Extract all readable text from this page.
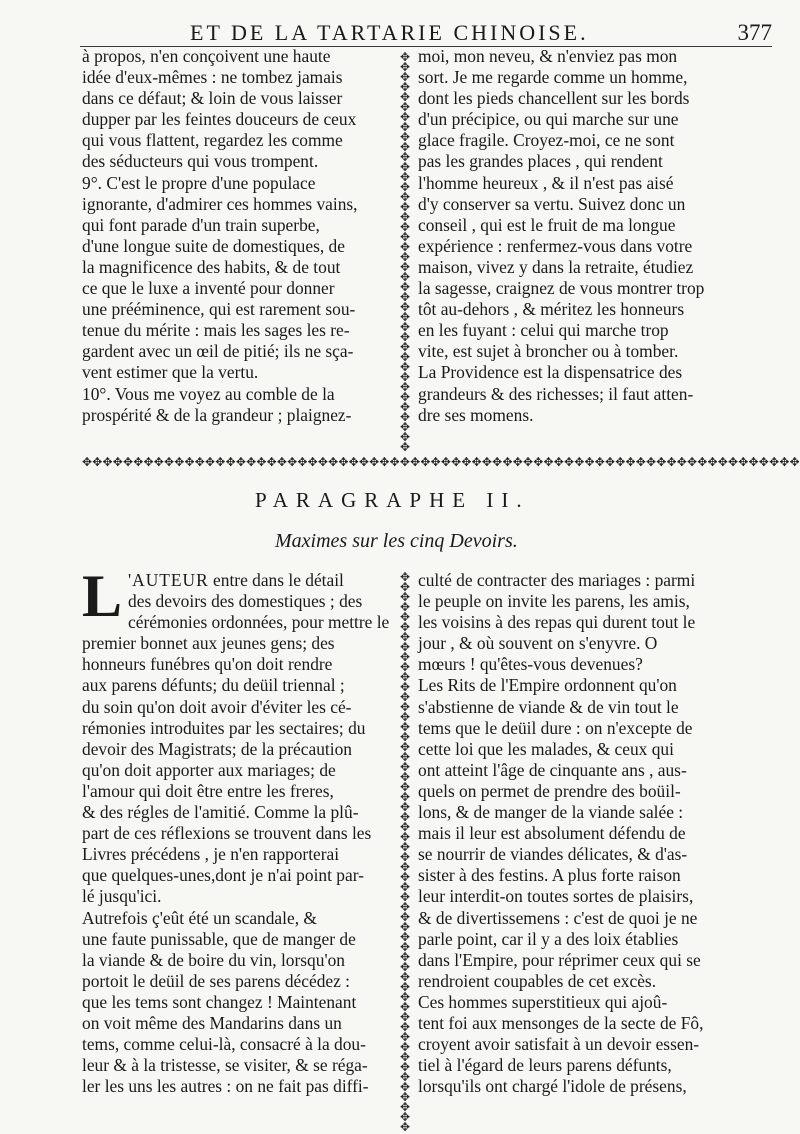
ET DE LA TARTARIE CHINOISE.	377
à propos, n'en conçoivent une haute
idée d'eux-mêmes : ne tombez jamais
dans ce défaut; & loin de vous laisser
dupper par les feintes douceurs de ceux
qui vous flattent, regardez les comme
des séducteurs qui vous trompent.
9°. C'est le propre d'une populace
ignorante, d'admirer ces hommes vains,
qui font parade d'un train superbe,
d'une longue suite de domestiques, de
la magnificence des habits, & de tout
ce que le luxe a inventé pour donner
une prééminence, qui est rarement sou-
tenue du mérite : mais les sages les re-
gardent avec un œil de pitié; ils ne sça-
vent estimer que la vertu.
10°. Vous me voyez au comble de la
prospérité & de la grandeur ; plaignez-
✥
✥
✥
✥
✥
✥
✥
✥
✥
✥
✥
✥
✥
✥
✥
✥
✥
✥
✥
✥
✥
✥
✥
✥
✥
✥
✥
✥
✥
✥
✥
✥
✥
✥
✥
✥
✥
✥
✥
✥

moi, mon neveu, & n'enviez pas mon
sort. Je me regarde comme un homme,
dont les pieds chancellent sur les bords
d'un précipice, ou qui marche sur une
glace fragile. Croyez-moi, ce ne sont
pas les grandes places , qui rendent
l'homme heureux , & il n'est pas aisé
d'y conserver sa vertu. Suivez donc un
conseil , qui est le fruit de ma longue
expérience : renfermez-vous dans votre
maison, vivez y dans la retraite, étudiez
la sagesse, craignez de vous montrer trop
tôt au-dehors , & méritez les honneurs
en les fuyant : celui qui marche trop
vite, est sujet à broncher ou à tomber.
La Providence est la dispensatrice des
grandeurs & des richesses; il faut atten-
dre ses momens.
✥✥✥✥✥✥✥✥✥✥✥✥✥✥✥✥✥✥✥✥✥✥✥✥✥✥✥✥✥✥✥✥✥✥✥✥✥✥✥✥✥✥✥✥✥✥✥✥✥✥✥✥✥✥✥✥✥✥✥✥✥✥✥✥✥✥✥✥✥✥
PARAGRAPHE II.
Maximes sur les cinq Devoirs.
L 'AUTEUR entre dans le détail
des devoirs des domestiques ; des
cérémonies ordonnées, pour mettre le
premier bonnet aux jeunes gens; des
honneurs funébres qu'on doit rendre
aux parens défunts; du deüil triennal ;
du soin qu'on doit avoir d'éviter les cé-
rémonies introduites par les sectaires; du
devoir des Magistrats; de la précaution
qu'on doit apporter aux mariages; de
l'amour qui doit être entre les freres,
& des régles de l'amitié. Comme la plû-
part de ces réflexions se trouvent dans les
Livres précédens , je n'en rapporterai
que quelques-unes,dont je n'ai point par-
lé jusqu'ici.
Autrefois ç'eût été un scandale, &
une faute punissable, que de manger de
la viande & de boire du vin, lorsqu'on
portoit le deüil de ses parens décédez :
que les tems sont changez ! Maintenant
on voit même des Mandarins dans un
tems, comme celui-là, consacré à la dou-
leur & à la tristesse, se visiter, & se réga-
ler les uns les autres : on ne fait pas diffi-
✥
✥
✥
✥
✥
✥
✥
✥
✥
✥
✥
✥
✥
✥
✥
✥
✥
✥
✥
✥
✥
✥
✥
✥
✥
✥
✥
✥
✥
✥
✥
✥
✥
✥
✥
✥
✥
✥
✥
✥
✥
✥
✥
✥
✥
✥
✥
✥
✥
✥
✥
✥
✥
✥
✥
✥

culté de contracter des mariages : parmi
le peuple on invite les parens, les amis,
les voisins à des repas qui durent tout le
jour , & où souvent on s'enyvre. O
mœurs ! qu'êtes-vous devenues?
Les Rits de l'Empire ordonnent qu'on
s'abstienne de viande & de vin tout le
tems que le deüil dure : on n'excepte de
cette loi que les malades, & ceux qui
ont atteint l'âge de cinquante ans , aus-
quels on permet de prendre des boüil-
lons, & de manger de la viande salée :
mais il leur est absolument défendu de
se nourrir de viandes délicates, & d'as-
sister à des festins. A plus forte raison
leur interdit-on toutes sortes de plaisirs,
& de divertissemens : c'est de quoi je ne
parle point, car il y a des loix établies
dans l'Empire, pour réprimer ceux qui se
rendroient coupables de cet excès.
Ces hommes superstitieux qui ajoû-
tent foi aux mensonges de la secte de Fô,
croyent avoir satisfait à un devoir essen-
tiel à l'égard de leurs parens défunts,
lorsqu'ils ont chargé l'idole de présens,
